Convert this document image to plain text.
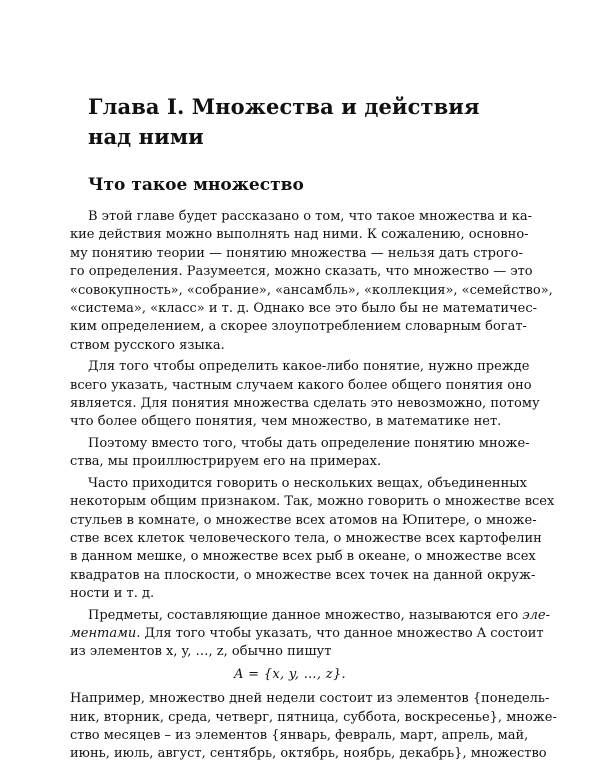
Глава I. Множества и действия
над ними
Что такое множество
В этой главе будет рассказано о том, что такое множества и ка-
кие действия можно выполнять над ними. К сожалению, основно-
му понятию теории — понятию множества — нельзя дать строго-
го определения. Разумеется, можно сказать, что множество — это
«совокупность», «собрание», «ансамбль», «коллекция», «семейство»,
«система», «класс» и т. д. Однако все это было бы не математичес-
ким определением, а скорее злоупотреблением словарным богат-
ством русского языка.
Для того чтобы определить какое-либо понятие, нужно прежде
всего указать, частным случаем какого более общего понятия оно
является. Для понятия множества сделать это невозможно, потому
что более общего понятия, чем множество, в математике нет.
Поэтому вместо того, чтобы дать определение понятию множе-
ства, мы проиллюстрируем его на примерах.
Часто приходится говорить о нескольких вещах, объединенных
некоторым общим признаком. Так, можно говорить о множестве всех
стульев в комнате, о множестве всех атомов на Юпитере, о множе-
стве всех клеток человеческого тела, о множестве всех картофелин
в данном мешке, о множестве всех рыб в океане, о множестве всех
квадратов на плоскости, о множестве всех точек на данной окруж-
ности и т. д.
Предметы, составляющие данное множество, называются его эле-
ментами. Для того чтобы указать, что данное множество A состоит
из элементов x, y, …, z, обычно пишут
A = {x, y, …, z}.
Например, множество дней недели состоит из элементов {понедель-
ник, вторник, среда, четверг, пятница, суббота, воскресенье}, множе-
ство месяцев – из элементов {январь, февраль, март, апрель, май,
июнь, июль, август, сентябрь, октябрь, ноябрь, декабрь}, множество
